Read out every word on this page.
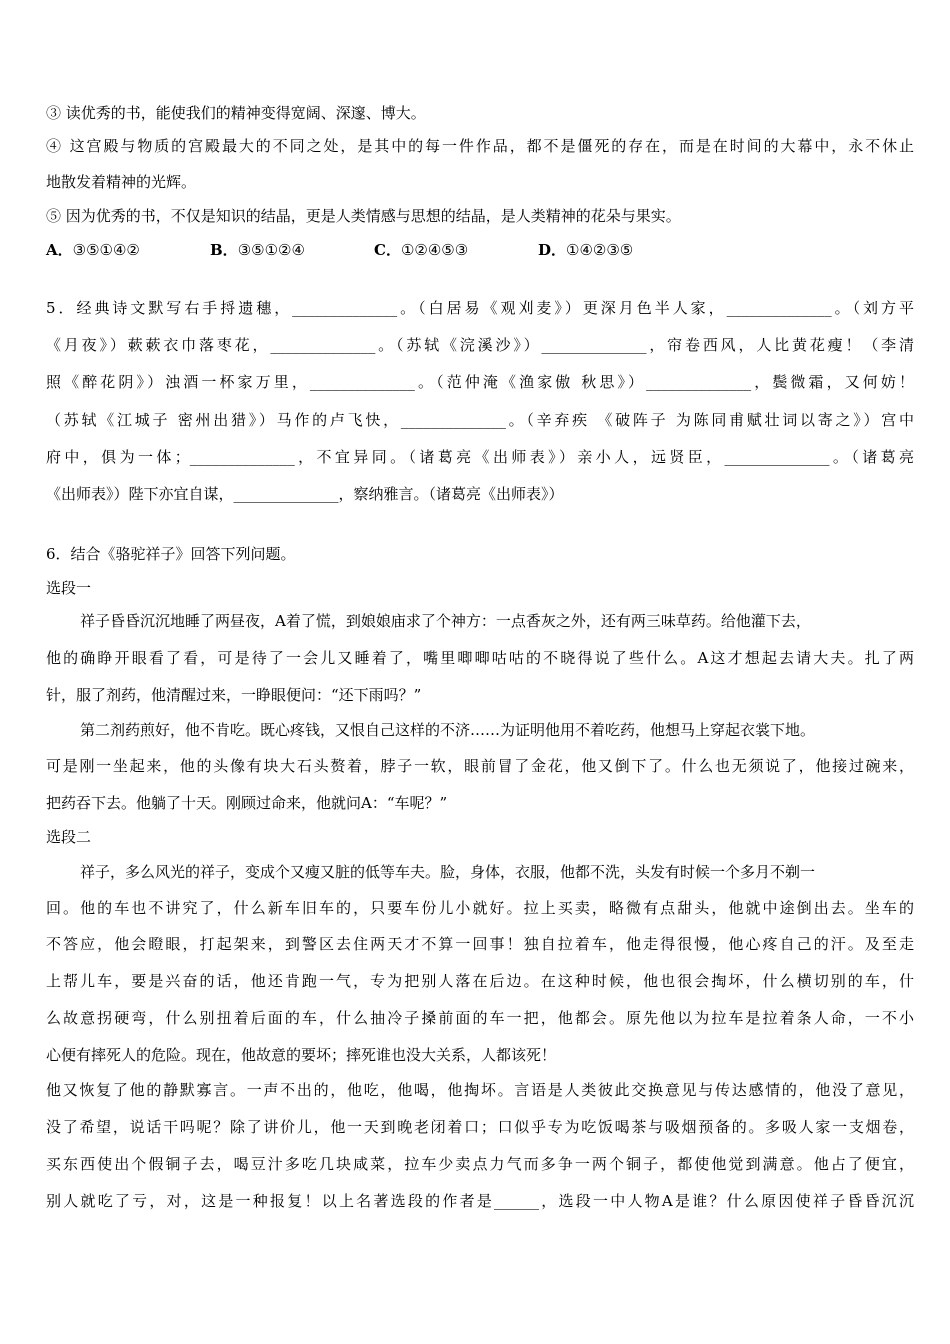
③ 读优秀的书，能使我们的精神变得宽阔、深邃、博大。
④ 这宫殿与物质的宫殿最大的不同之处，是其中的每一件作品，都不是僵死的存在，而是在时间的大幕中，永不休止
地散发着精神的光辉。
⑤ 因为优秀的书，不仅是知识的结晶，更是人类情感与思想的结晶，是人类精神的花朵与果实。
A．③⑤①④②	B．③⑤①②④	C．①②④⑤③	D．①④②③⑤
5．经典诗文默写右手捋遗穗，______________。（白居易《观刈麦》）更深月色半人家，______________。（刘方平
《月夜》）蔌蔌衣巾落枣花，______________。（苏轼《浣溪沙》）______________，帘卷西风，人比黄花瘦！（李清
照《醉花阴》）浊酒一杯家万里，______________。（范仲淹《渔家傲 秋思》）______________，鬓微霜，又何妨！
（苏轼《江城子 密州出猎》）马作的卢飞快，______________。（辛弃疾 《破阵子 为陈同甫赋壮词以寄之》）宫中
府中，俱为一体；______________，不宜异同。（诸葛亮《出师表》）亲小人，远贤臣，______________。（诸葛亮
《出师表》）陛下亦宜自谋，______________，察纳雅言。（诸葛亮《出师表》）
6．结合《骆驼祥子》回答下列问题。
选段一
祥子昏昏沉沉地睡了两昼夜，A着了慌，到娘娘庙求了个神方：一点香灰之外，还有两三味草药。给他灌下去，
他的确睁开眼看了看，可是待了一会儿又睡着了，嘴里唧唧咕咕的不晓得说了些什么。A这才想起去请大夫。扎了两
针，服了剂药，他清醒过来，一睁眼便问：“还下雨吗？”
第二剂药煎好，他不肯吃。既心疼钱，又恨自己这样的不济……为证明他用不着吃药，他想马上穿起衣裳下地。
可是刚一坐起来，他的头像有块大石头赘着，脖子一软，眼前冒了金花，他又倒下了。什么也无须说了，他接过碗来，
把药吞下去。他躺了十天。刚顾过命来，他就问A：“车呢？”
选段二
祥子，多么风光的祥子，变成个又瘦又脏的低等车夫。脸，身体，衣服，他都不洗，头发有时候一个多月不剃一
回。他的车也不讲究了，什么新车旧车的，只要车份儿小就好。拉上买卖，略微有点甜头，他就中途倒出去。坐车的
不答应，他会瞪眼，打起架来，到警区去住两天才不算一回事！独自拉着车，他走得很慢，他心疼自己的汗。及至走
上帮儿车，要是兴奋的话，他还肯跑一气，专为把别人落在后边。在这种时候，他也很会掏坏，什么横切别的车，什
么故意拐硬弯，什么别扭着后面的车，什么抽冷子搡前面的车一把，他都会。原先他以为拉车是拉着条人命，一不小
心便有摔死人的危险。现在，他故意的要坏；摔死谁也没大关系，人都该死！
他又恢复了他的静默寡言。一声不出的，他吃，他喝，他掏坏。言语是人类彼此交换意见与传达感情的，他没了意见，
没了希望，说话干吗呢？除了讲价儿，他一天到晚老闭着口；口似乎专为吃饭喝茶与吸烟预备的。多吸人家一支烟卷，
买东西使出个假铜子去，喝豆汁多吃几块咸菜，拉车少卖点力气而多争一两个铜子，都使他觉到满意。他占了便宜，
别人就吃了亏，对，这是一种报复！以上名著选段的作者是______，选段一中人物A是谁？什么原因使祥子昏昏沉沉
